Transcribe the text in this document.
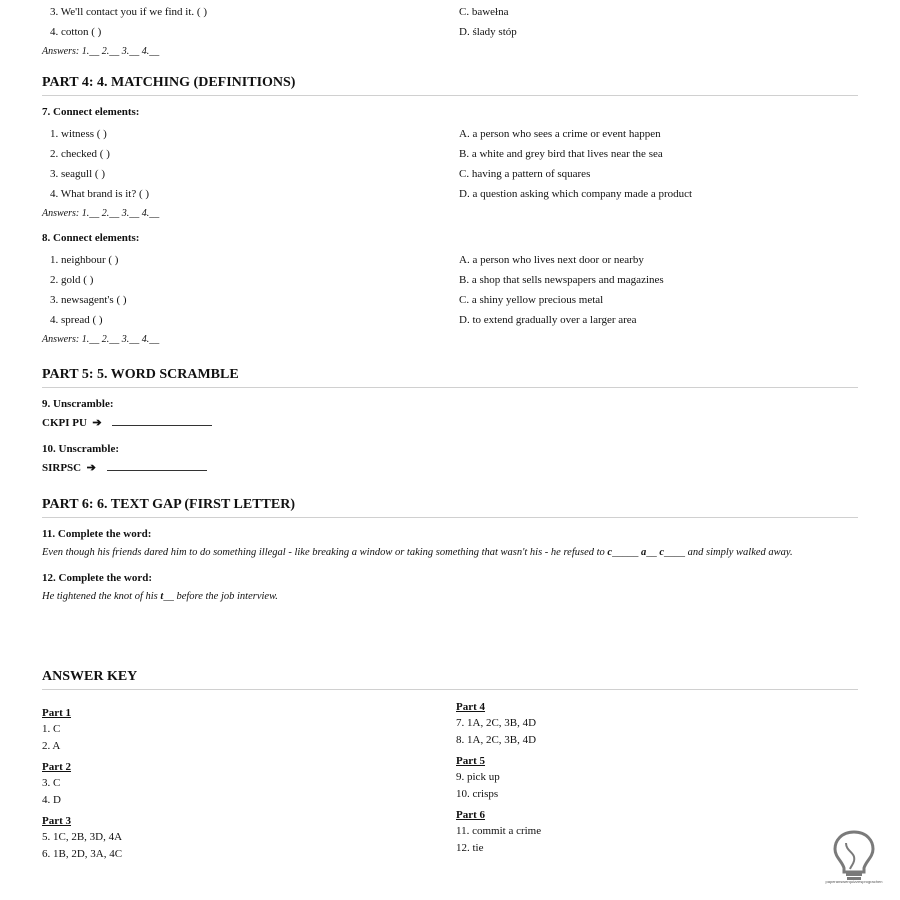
3. We'll contact you if we find it. ( )	C. bawełna
4. cotton ( )	D. ślady stóp
Answers: 1.__ 2.__ 3.__ 4.__
PART 4: 4. MATCHING (DEFINITIONS)
7. Connect elements:
1. witness ( )	A. a person who sees a crime or event happen
2. checked ( )	B. a white and grey bird that lives near the sea
3. seagull ( )	C. having a pattern of squares
4. What brand is it? ( )	D. a question asking which company made a product
Answers: 1.__ 2.__ 3.__ 4.__
8. Connect elements:
1. neighbour ( )	A. a person who lives next door or nearby
2. gold ( )	B. a shop that sells newspapers and magazines
3. newsagent's ( )	C. a shiny yellow precious metal
4. spread ( )	D. to extend gradually over a larger area
Answers: 1.__ 2.__ 3.__ 4.__
PART 5: 5. WORD SCRAMBLE
9. Unscramble:
CKPI PU ➔
10. Unscramble:
SIRPSC ➔
PART 6: 6. TEXT GAP (FIRST LETTER)
11. Complete the word:
Even though his friends dared him to do something illegal - like breaking a window or taking something that wasn't his - he refused to c_____ a__ c____ and simply walked away.
12. Complete the word:
He tightened the knot of his t__ before the job interview.
ANSWER KEY
Part 1
1. C
2. A
Part 2
3. C
4. D
Part 3
5. 1C, 2B, 3D, 4A
6. 1B, 2D, 3A, 4C
Part 4
7. 1A, 2C, 3B, 4D
8. 1A, 2C, 3B, 4D
Part 5
9. pick up
10. crisps
Part 6
11. commit a crime
12. tie
paperanswerquizzesprograchen
